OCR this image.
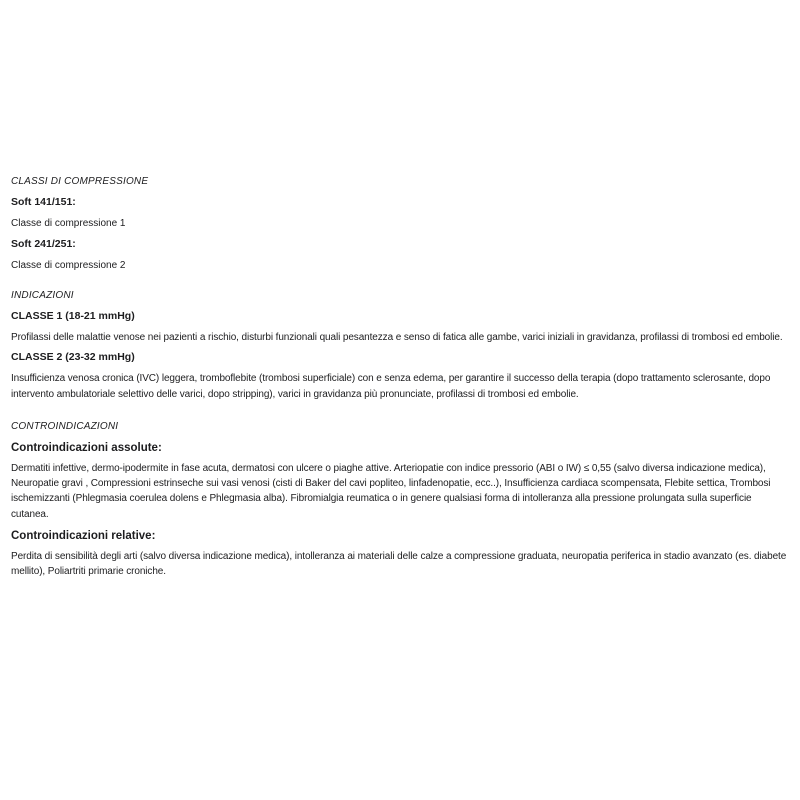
CLASSI DI COMPRESSIONE
Soft 141/151:
Classe di compressione 1
Soft 241/251:
Classe di compressione 2
INDICAZIONI
CLASSE 1 (18-21 mmHg)
Profilassi delle malattie venose nei pazienti a rischio, disturbi funzionali quali pesantezza e senso di fatica alle gambe, varici iniziali in gravidanza, profilassi di trombosi ed embolie.
CLASSE 2 (23-32 mmHg)
Insufficienza venosa cronica (IVC) leggera, tromboflebite (trombosi superficiale) con e senza edema, per garantire il successo della terapia (dopo trattamento sclerosante, dopo intervento ambulatoriale selettivo delle varici, dopo stripping), varici in gravidanza più pronunciate, profilassi di trombosi ed embolie.
CONTROINDICAZIONI
Controindicazioni assolute:
Dermatiti infettive, dermo-ipodermite in fase acuta, dermatosi con ulcere o piaghe attive. Arteriopatie con indice pressorio (ABI o IW) ≤ 0,55 (salvo diversa indicazione medica), Neuropatie gravi , Compressioni estrinseche sui vasi venosi (cisti di Baker del cavi popliteo, linfadenopatie, ecc..), Insufficienza cardiaca scompensata, Flebite settica, Trombosi ischemizzanti (Phlegmasia coerulea dolens e Phlegmasia alba). Fibromialgia reumatica o in genere qualsiasi forma di intolleranza alla pressione prolungata sulla superficie cutanea.
Controindicazioni relative:
Perdita di sensibilità degli arti (salvo diversa indicazione medica), intolleranza ai materiali delle calze a compressione graduata, neuropatia periferica in stadio avanzato (es. diabete mellito), Poliartriti primarie croniche.
